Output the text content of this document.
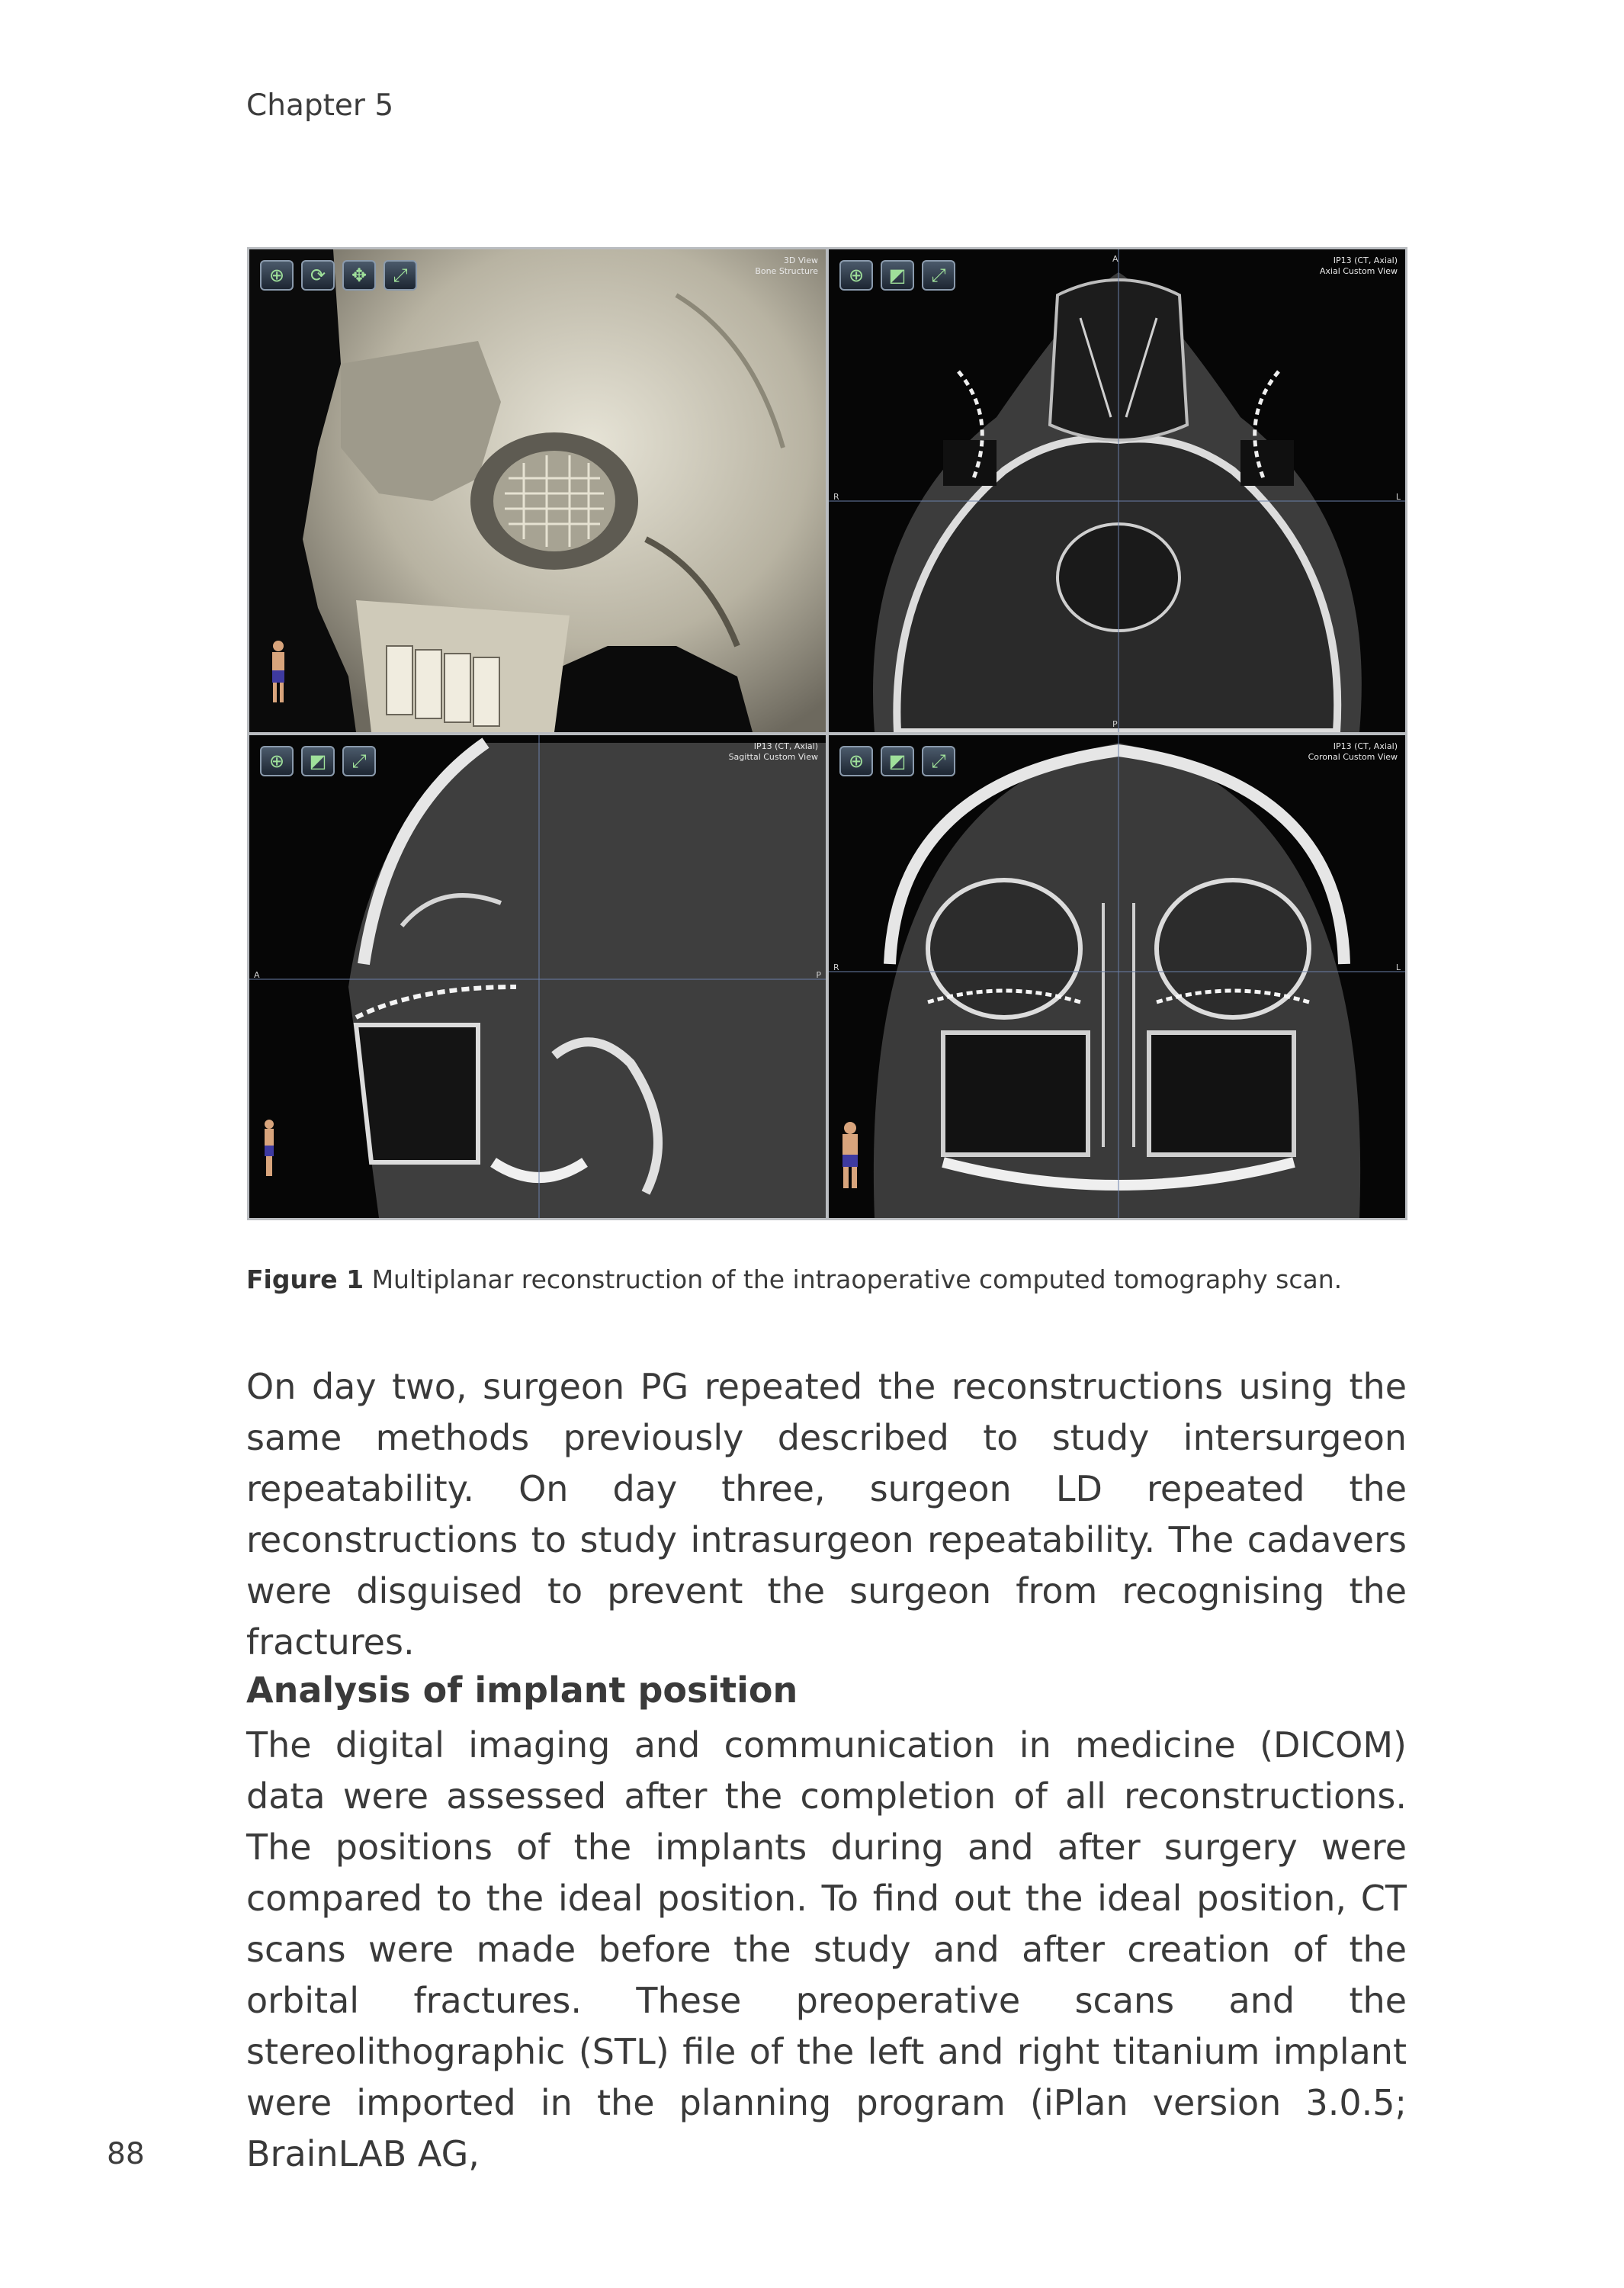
Chapter 5
⊕	⟳	✥	⤢
3D View
Bone Structure	⊕	◩	⤢
IP13 (CT, Axial)
Axial Custom View
A
R	L
P
⊕	◩	⤢
IP13 (CT, Axial)
Sagittal Custom View
A	P
⊕	◩	⤢
IP13 (CT, Axial)
Coronal Custom View
R	L
Figure 1 Multiplanar reconstruction of the intraoperative computed tomography scan.

On day two, surgeon PG repeated the reconstructions using the same methods previously described to study intersurgeon repeatability. On day three, surgeon LD repeated the reconstructions to study intrasurgeon repeatability. The cadavers were disguised to prevent the surgeon from recognising the fractures.

Analysis of implant position

The digital imaging and communication in medicine (DICOM) data were assessed after the completion of all reconstructions. The positions of the implants during and after surgery were compared to the ideal position. To find out the ideal position, CT scans were made before the study and after creation of the orbital fractures. These preoperative scans and the stereolithographic (STL) file of the left and right titanium implant were imported in the planning program (iPlan version 3.0.5; BrainLAB AG,

88
